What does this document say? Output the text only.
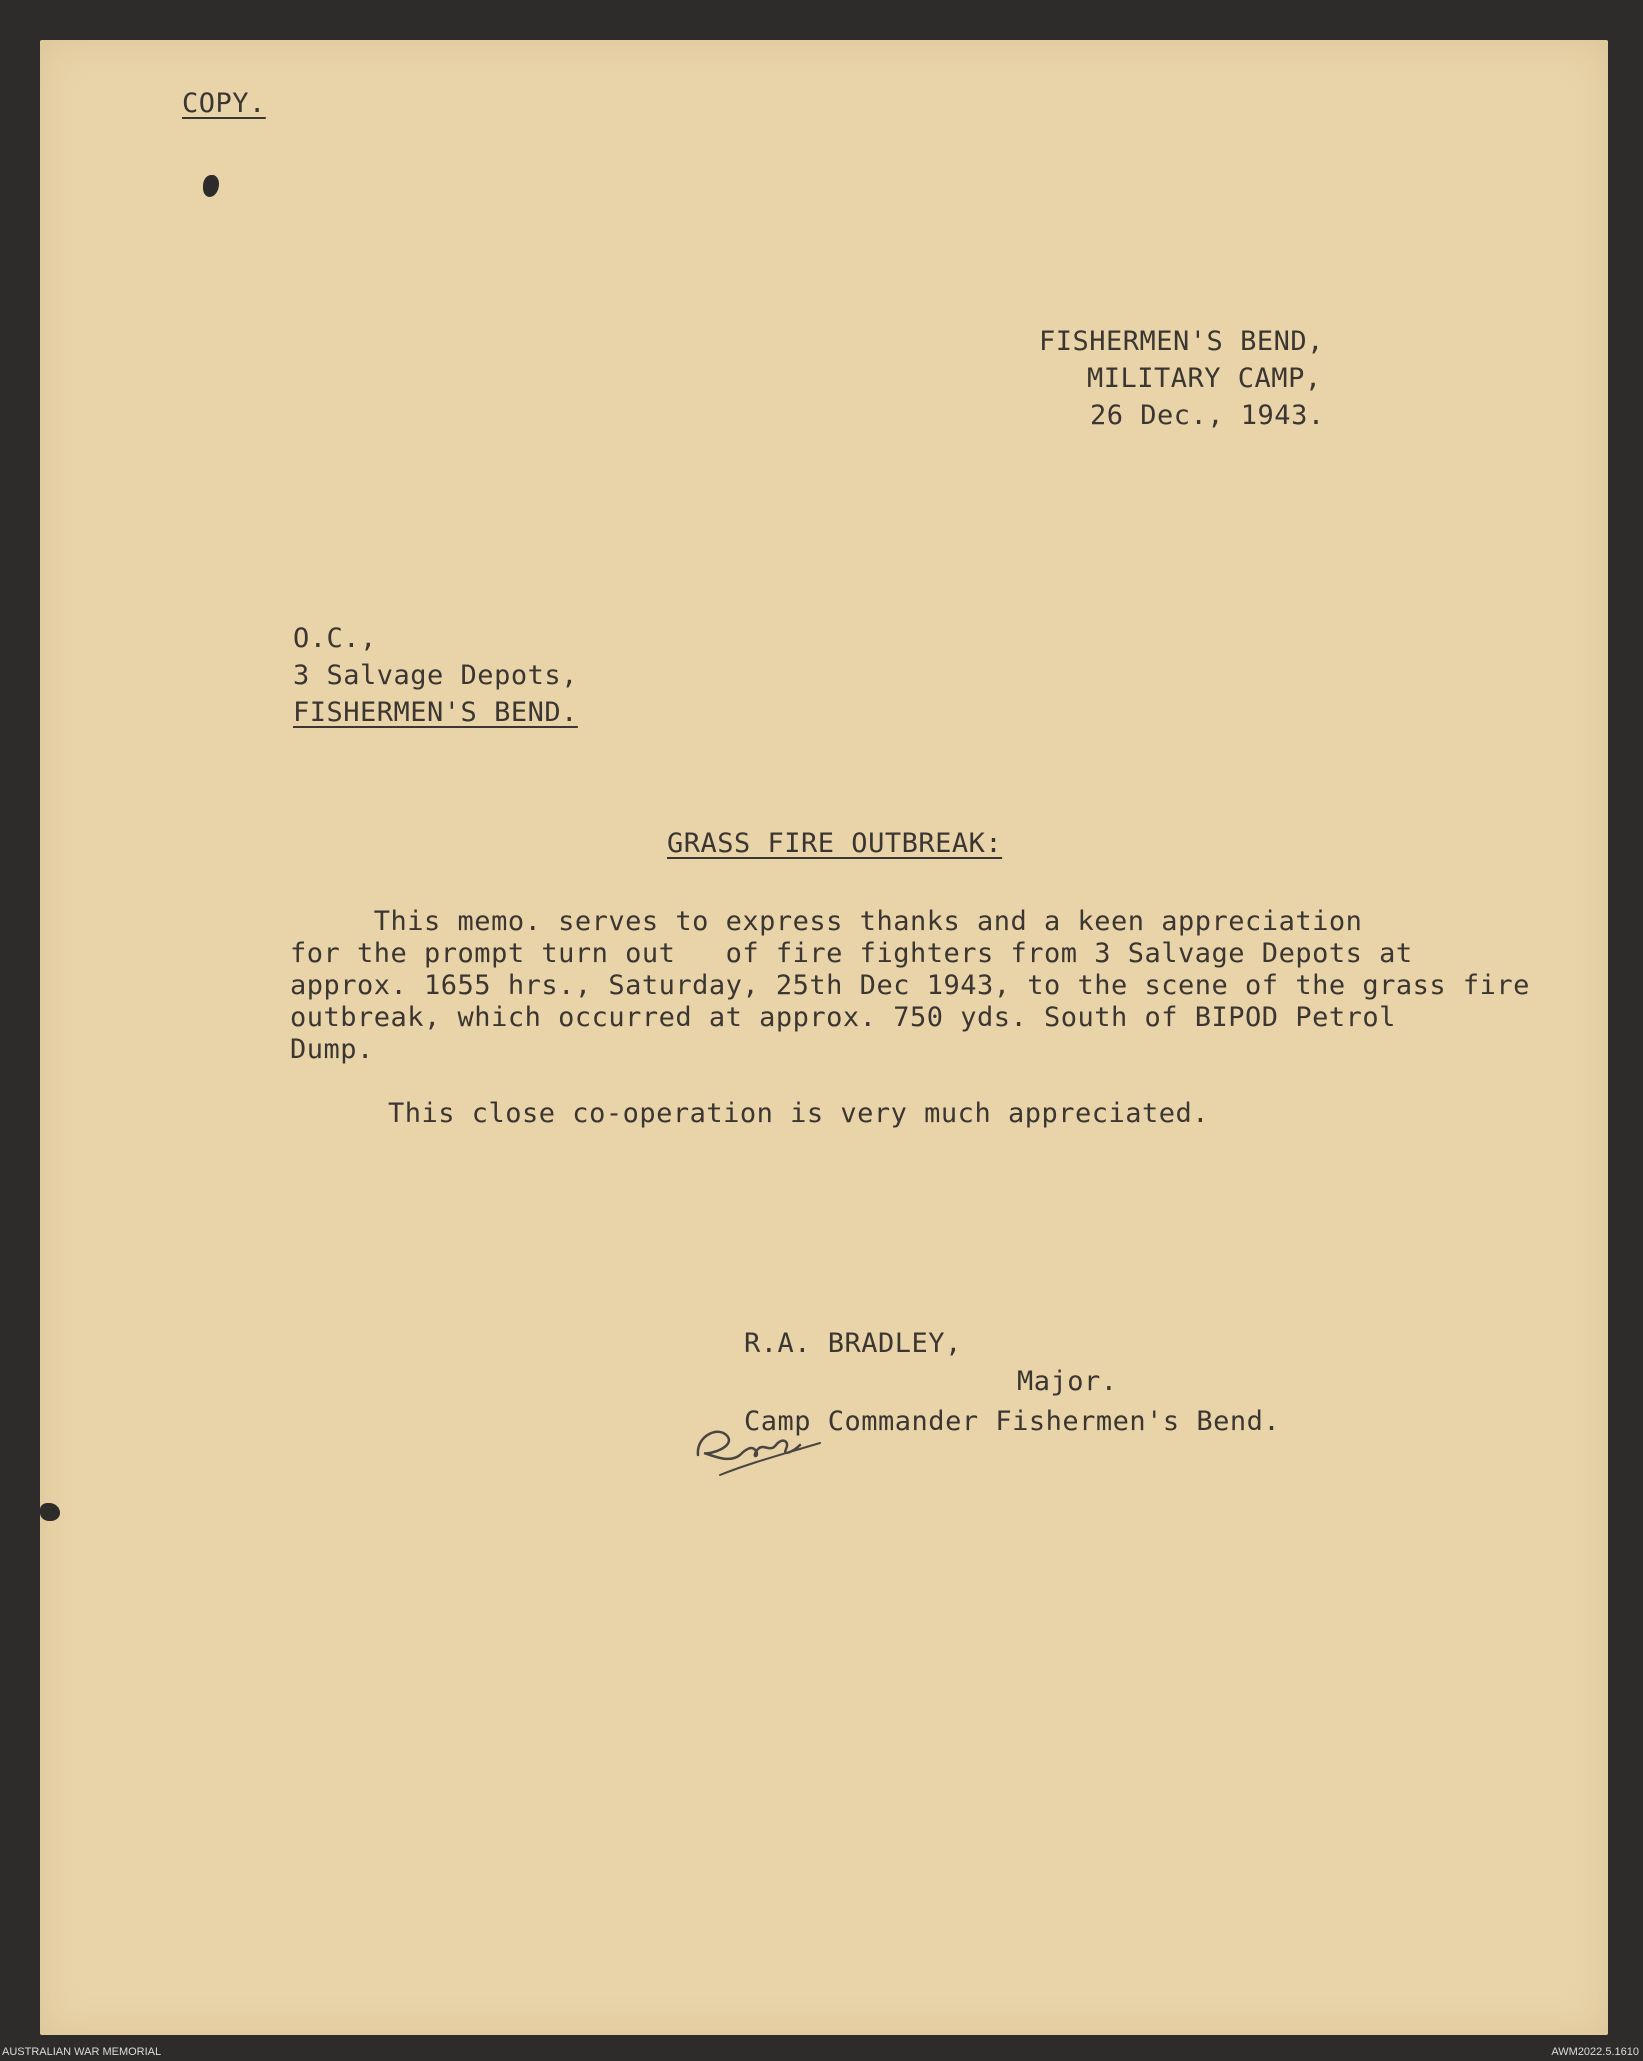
COPY.
FISHERMEN'S BEND,
MILITARY CAMP,
26 Dec., 1943.
O.C.,
3 Salvage Depots,
FISHERMEN'S BEND.
GRASS FIRE OUTBREAK:
This memo. serves to express thanks and a keen appreciation
for the prompt turn out   of fire fighters from 3 Salvage Depots at
approx. 1655 hrs., Saturday, 25th Dec 1943, to the scene of the grass fire
outbreak, which occurred at approx. 750 yds. South of BIPOD Petrol
Dump.
This close co-operation is very much appreciated.
R.A. BRADLEY,
Major.
Camp Commander Fishermen's Bend.
AUSTRALIAN WAR MEMORIAL	AWM2022.5.1610
